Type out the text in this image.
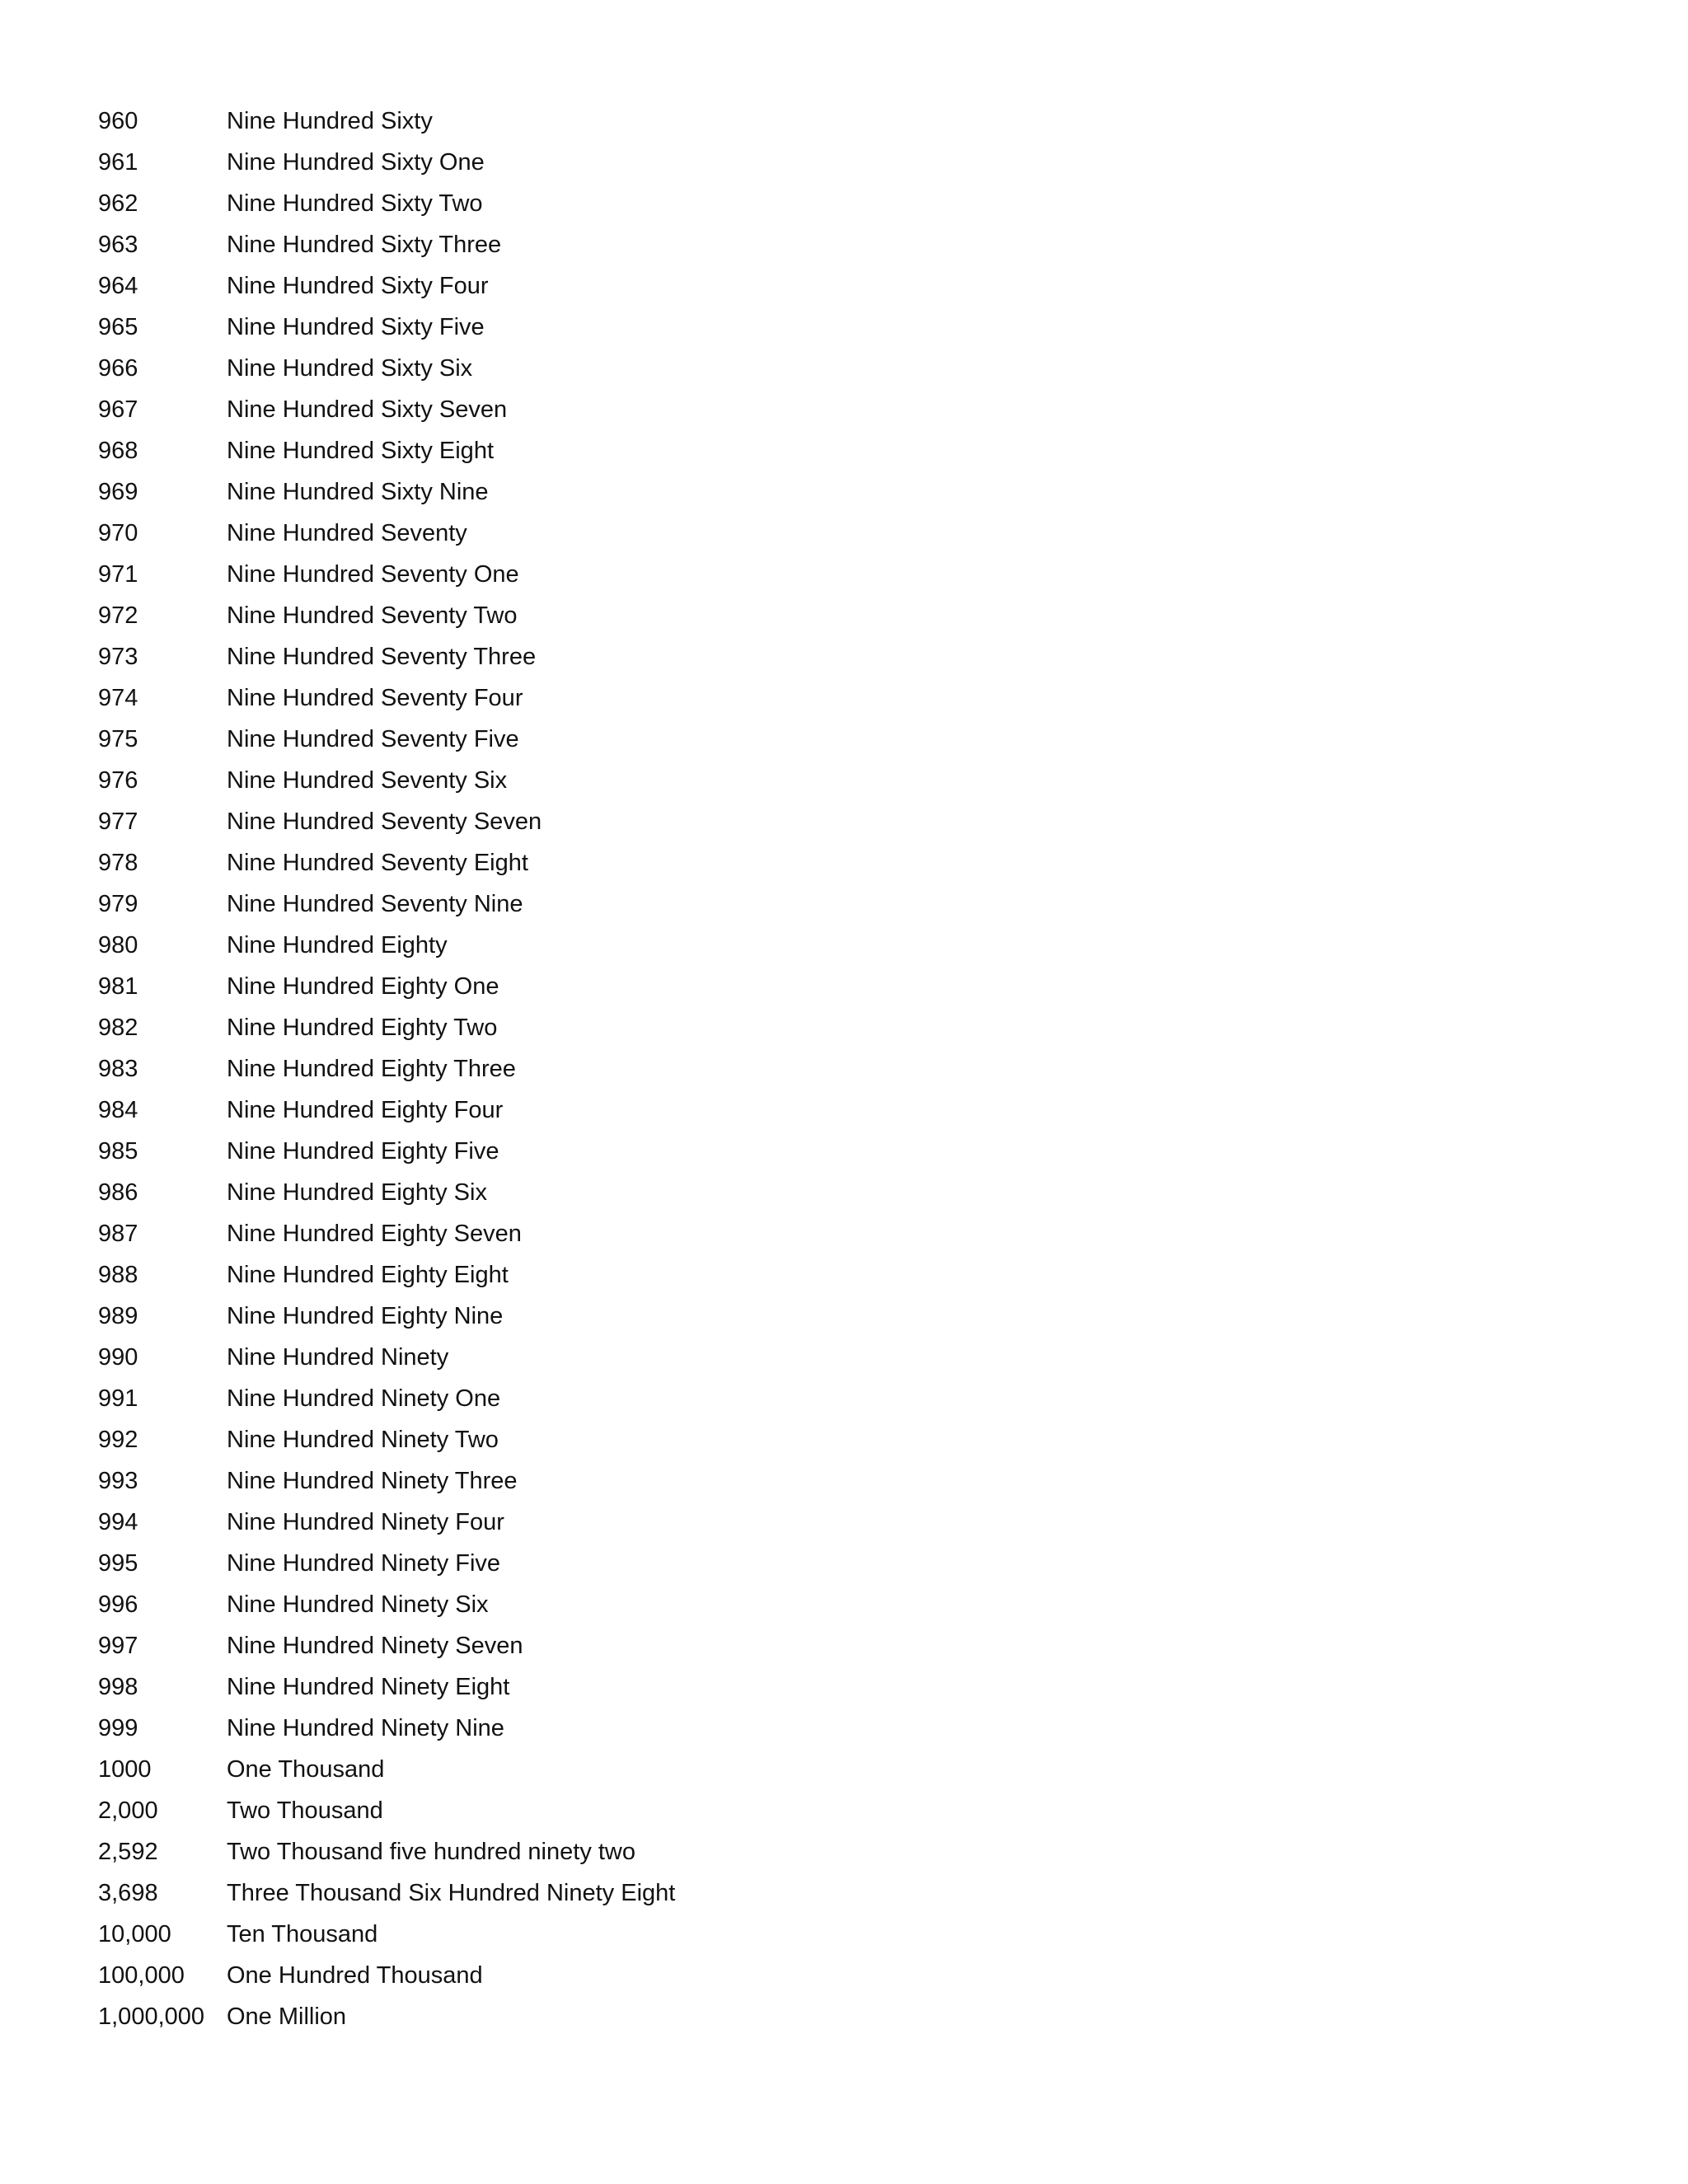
960	Nine Hundred Sixty
961	Nine Hundred Sixty One
962	Nine Hundred Sixty Two
963	Nine Hundred Sixty Three
964	Nine Hundred Sixty Four
965	Nine Hundred Sixty Five
966	Nine Hundred Sixty Six
967	Nine Hundred Sixty Seven
968	Nine Hundred Sixty Eight
969	Nine Hundred Sixty Nine
970	Nine Hundred Seventy
971	Nine Hundred Seventy One
972	Nine Hundred Seventy Two
973	Nine Hundred Seventy Three
974	Nine Hundred Seventy Four
975	Nine Hundred Seventy Five
976	Nine Hundred Seventy Six
977	Nine Hundred Seventy Seven
978	Nine Hundred Seventy Eight
979	Nine Hundred Seventy Nine
980	Nine Hundred Eighty
981	Nine Hundred Eighty One
982	Nine Hundred Eighty Two
983	Nine Hundred Eighty Three
984	Nine Hundred Eighty Four
985	Nine Hundred Eighty Five
986	Nine Hundred Eighty Six
987	Nine Hundred Eighty Seven
988	Nine Hundred Eighty Eight
989	Nine Hundred Eighty Nine
990	Nine Hundred Ninety
991	Nine Hundred Ninety One
992	Nine Hundred Ninety Two
993	Nine Hundred Ninety Three
994	Nine Hundred Ninety Four
995	Nine Hundred Ninety Five
996	Nine Hundred Ninety Six
997	Nine Hundred Ninety Seven
998	Nine Hundred Ninety Eight
999	Nine Hundred Ninety Nine
1000	One Thousand
2,000	Two Thousand
2,592	Two Thousand five hundred ninety two
3,698	Three Thousand Six Hundred Ninety Eight
10,000	Ten Thousand
100,000	One Hundred Thousand
1,000,000 One Million
